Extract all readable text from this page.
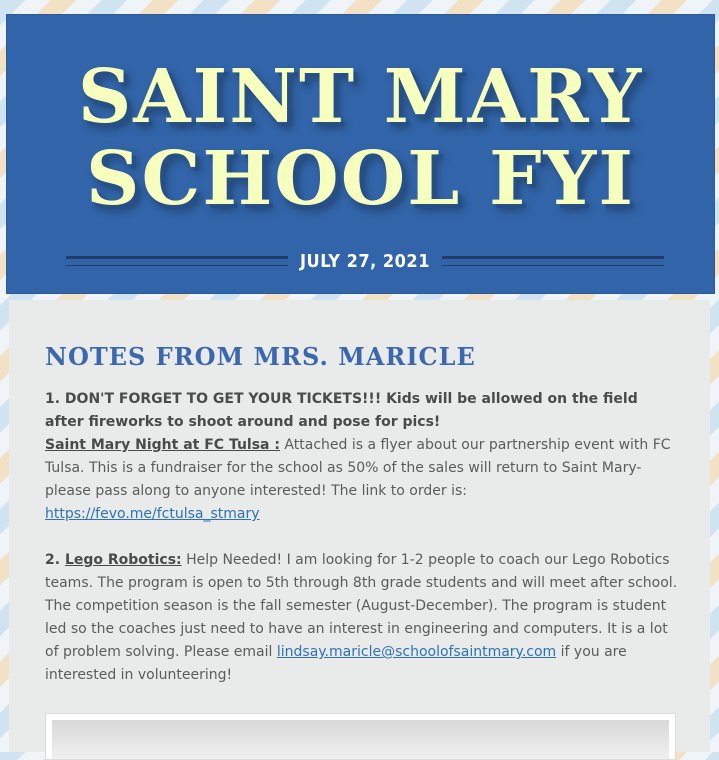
SAINT MARY
SCHOOL FYI
JULY 27, 2021
NOTES FROM MRS. MARICLE

1. DON'T FORGET TO GET YOUR TICKETS!!! Kids will be allowed on the field after fireworks to shoot around and pose for pics!
Saint Mary Night at FC Tulsa : Attached is a flyer about our partnership event with FC Tulsa. This is a fundraiser for the school as 50% of the sales will return to Saint Mary- please pass along to anyone interested! The link to order is: https://fevo.me/fctulsa_stmary

2. Lego Robotics: Help Needed! I am looking for 1-2 people to coach our Lego Robotics teams. The program is open to 5th through 8th grade students and will meet after school. The competition season is the fall semester (August-December). The program is student led so the coaches just need to have an interest in engineering and computers. It is a lot of problem solving. Please email lindsay.maricle@schoolofsaintmary.com if you are interested in volunteering!
